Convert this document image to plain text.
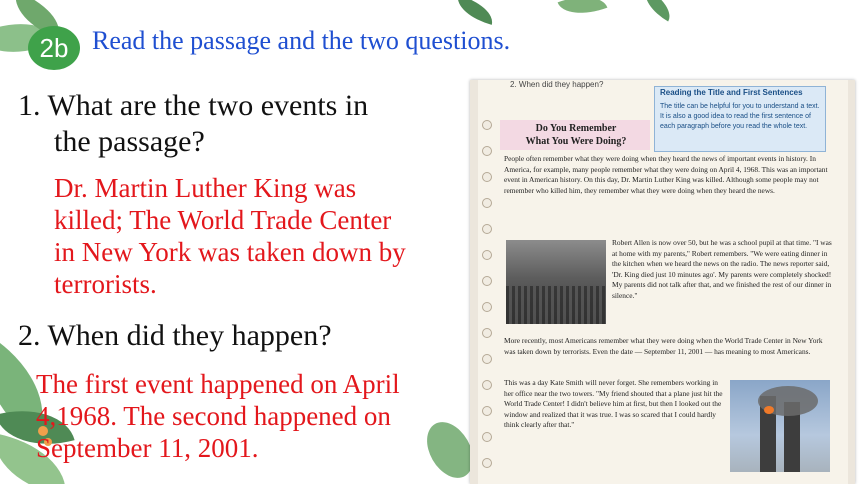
2b Read the passage and the two questions.
1. What are the two events in
the passage?
Dr. Martin Luther King was
killed; The World Trade Center
in New York was taken down by
terrorists.
2. When did they happen?
The first event happened on April
4,1968. The second happened on
September 11, 2001.
2. When did they happen?
Do You Remember
What You Were Doing?
Reading the Title and First Sentences
The title can be helpful for you to understand a text. It is also a good idea to read the first sentence of each paragraph before you read the whole text.
People often remember what they were doing when they heard the news of important events in history. In America, for example, many people remember what they were doing on April 4, 1968. This was an important event in American history. On this day, Dr. Martin Luther King was killed. Although some people may not remember who killed him, they remember what they were doing when they heard the news.
Robert Allen is now over 50, but he was a school pupil at that time. "I was at home with my parents," Robert remembers. "We were eating dinner in the kitchen when we heard the news on the radio. The news reporter said, 'Dr. King died just 10 minutes ago'. My parents were completely shocked! My parents did not talk after that, and we finished the rest of our dinner in silence."
More recently, most Americans remember what they were doing when the World Trade Center in New York was taken down by terrorists. Even the date — September 11, 2001 — has meaning to most Americans.
This was a day Kate Smith will never forget. She remembers working in her office near the two towers. "My friend shouted that a plane just hit the World Trade Center! I didn't believe him at first, but then I looked out the window and realized that it was true. I was so scared that I could hardly think clearly after that."
